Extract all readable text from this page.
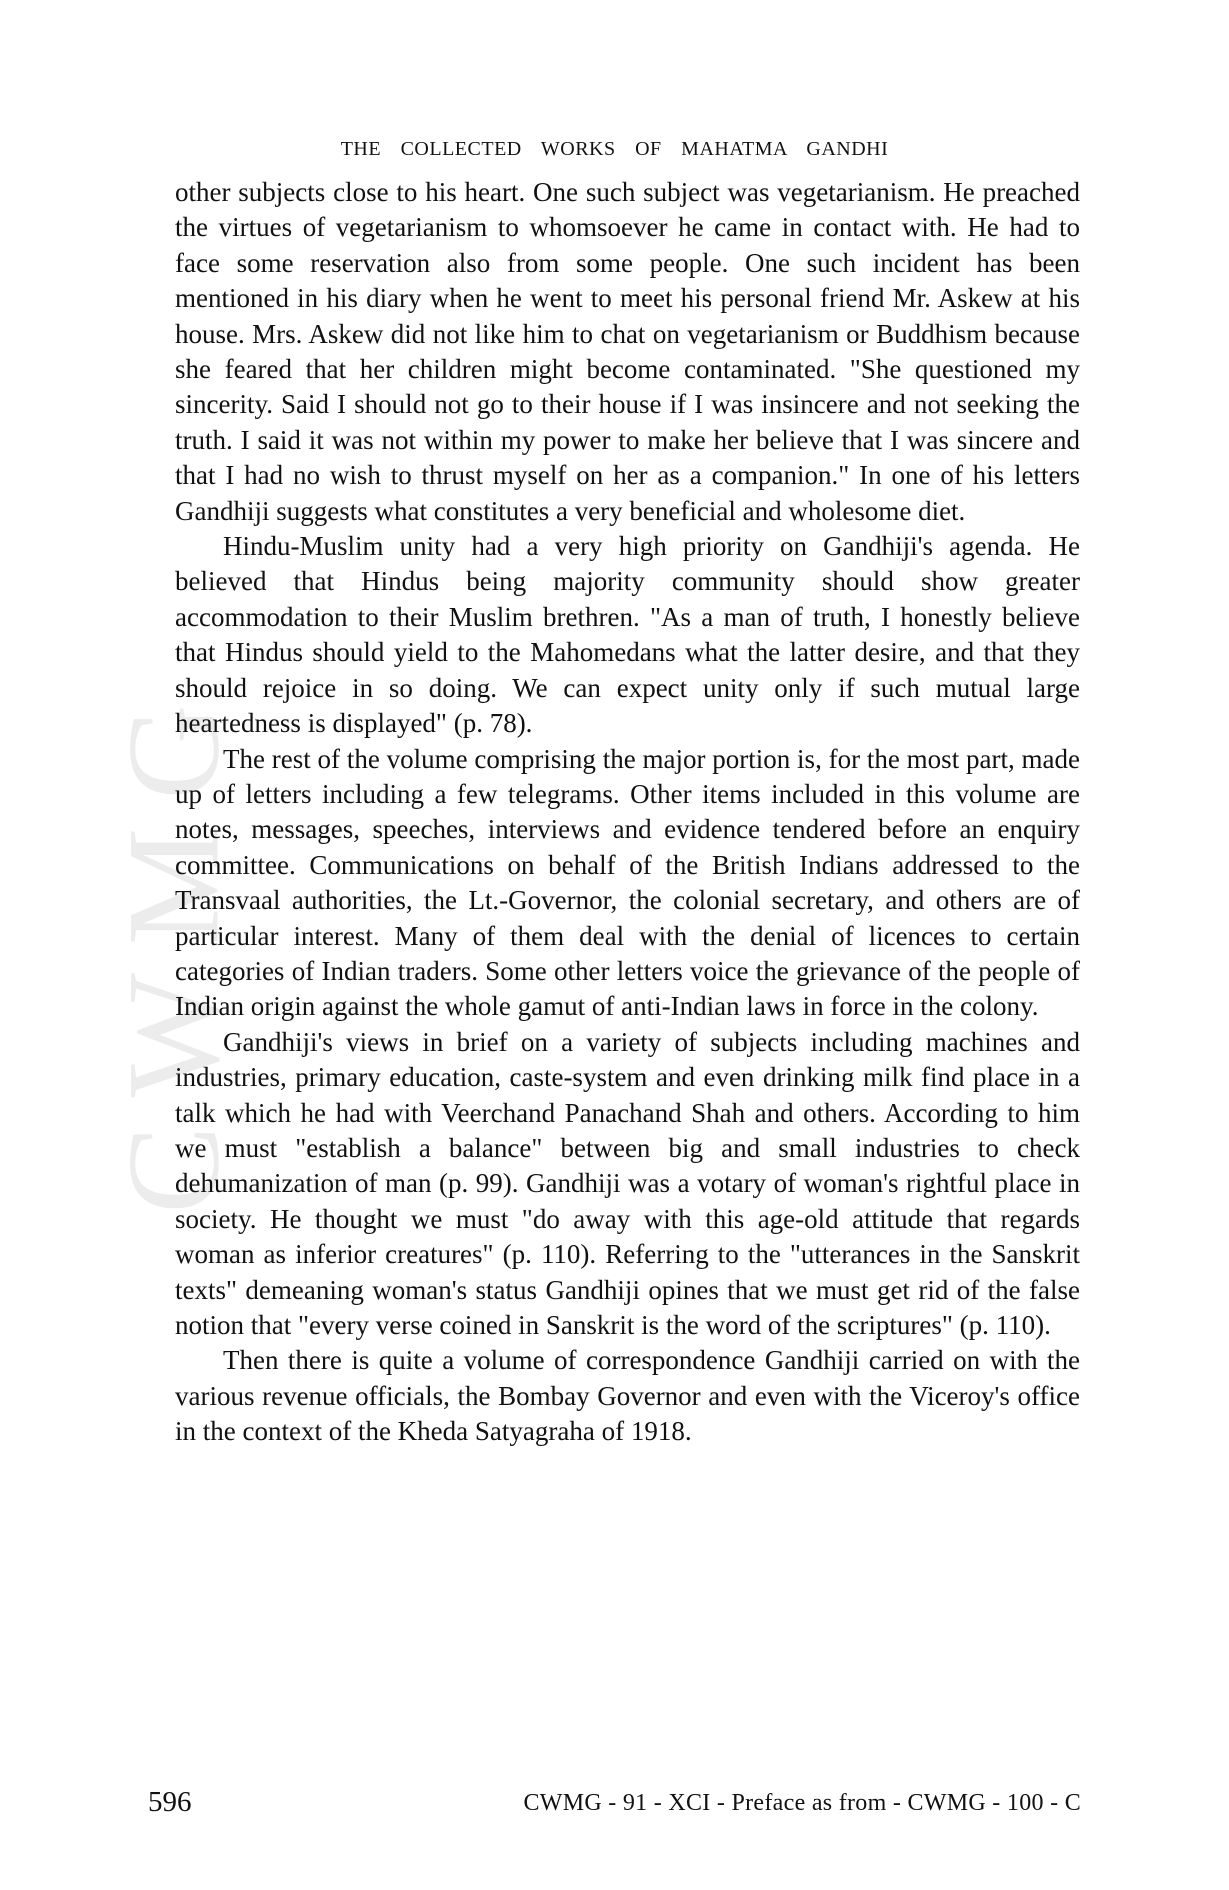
CWMG
THE COLLECTED WORKS OF MAHATMA GANDHI

other subjects close to his heart. One such subject was vegetarianism. He preached the virtues of vegetarianism to whomsoever he came in contact with. He had to face some reservation also from some people. One such incident has been mentioned in his diary when he went to meet his personal friend Mr. Askew at his house. Mrs. Askew did not like him to chat on vegetarianism or Buddhism because she feared that her children might become contaminated. "She questioned my sincerity. Said I should not go to their house if I was insincere and not seeking the truth. I said it was not within my power to make her believe that I was sincere and that I had no wish to thrust myself on her as a companion." In one of his letters Gandhiji suggests what constitutes a very beneficial and wholesome diet.

Hindu-Muslim unity had a very high priority on Gandhiji's agenda. He believed that Hindus being majority community should show greater accommodation to their Muslim brethren. "As a man of truth, I honestly believe that Hindus should yield to the Mahomedans what the latter desire, and that they should rejoice in so doing. We can expect unity only if such mutual large heartedness is displayed" (p. 78).

The rest of the volume comprising the major portion is, for the most part, made up of letters including a few telegrams. Other items included in this volume are notes, messages, speeches, interviews and evidence tendered before an enquiry committee. Communications on behalf of the British Indians addressed to the Transvaal authorities, the Lt.-Governor, the colonial secretary, and others are of particular interest. Many of them deal with the denial of licences to certain categories of Indian traders. Some other letters voice the grievance of the people of Indian origin against the whole gamut of anti-Indian laws in force in the colony.

Gandhiji's views in brief on a variety of subjects including machines and industries, primary education, caste-system and even drinking milk find place in a talk which he had with Veerchand Panachand Shah and others. According to him we must "establish a balance" between big and small industries to check dehumanization of man (p. 99). Gandhiji was a votary of woman's rightful place in society. He thought we must "do away with this age-old attitude that regards woman as inferior creatures" (p. 110). Referring to the "utterances in the Sanskrit texts" demeaning woman's status Gandhiji opines that we must get rid of the false notion that "every verse coined in Sanskrit is the word of the scriptures" (p. 110).

Then there is quite a volume of correspondence Gandhiji carried on with the various revenue officials, the Bombay Governor and even with the Viceroy's office in the context of the Kheda Satyagraha of 1918.

596	CWMG - 91 - XCI - Preface as from - CWMG - 100 - C
